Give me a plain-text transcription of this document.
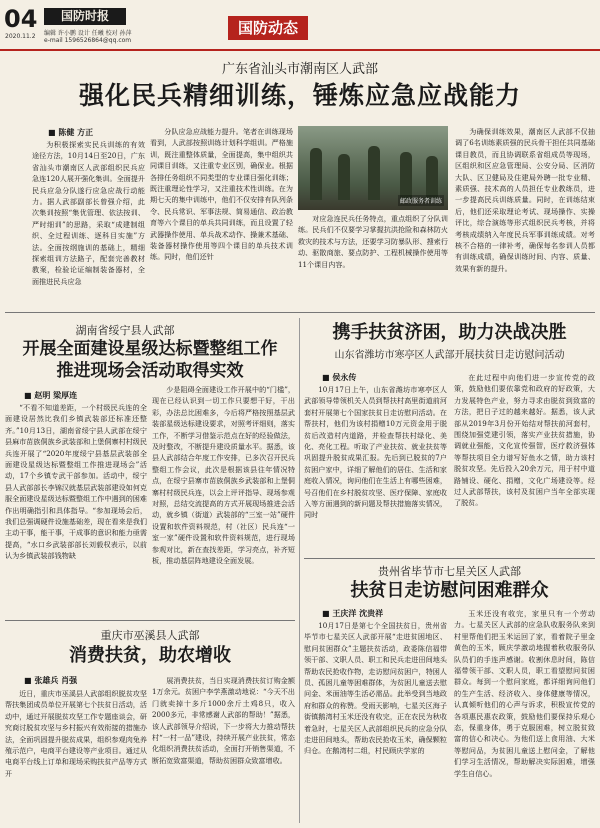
04
2020.11.2
国防时报
编辑 许小鹏 设计 任曦 校对 孙萍
e-mail 1596526864@qq.com
国防动态
广东省汕头市潮南区人武部
强化民兵精细训练，锤炼应急应战能力
■ 陈健 方正

为积极探索实民兵训练的有效途径方法，10月14日至20日，广东省汕头市潮南区人武部组织民兵应急连120人展开强化集训。全面提升民兵应急分队遂行应急应战行动能力。据人武部副部长曾强介绍，此次集训按照“集优管理、依法按训、严时细训”的思路，采取“成建制组织、全过程训练、逐科目实施”方法。全面按纲施训的基础上，精细探索组训方法路子，配套完善教材教案，检验论证编制装备器材，全面推进民兵应急

分队应急应战能力提升。笔者在训练现场看到，人武部按照训练计划科学组训。严格施训，既注重整体质量，全面提高，集中组织共同课目训练，又注重专业区别，确保业。根据各排任务组织不同类型的专业课目强化训练；既注重理论性学习，又注重技术性训练。在为期七天的集中训练中，他们不仅安排有队列条令、民兵常识、军事法规、简易通信、政治教育等六个课目的单兵共同训练，而且设置了轻武器操作使用、单兵战术动作、操兼术基础、装备器材操作使用等四个课目的单兵技术训练。同时，他们还针

邮政服务者训练

对应急连民兵任务特点，重点组织了分队训练。民兵们不仅要学习掌握抗洪抢险和森林防火救灾的技术与方法，还要学习防暴队形、搜索行动、驱散商旅、要点防护、工程机械操作使用等11个课目内容。

为确保训练效果，潮南区人武部不仅抽调了6名训练素质强的民兵骨干担任共同基础课目教员，而且协调联系省组成员等现场，区组织和区应急管理局、公安分局、区消防大队、区卫健局及住建局外聘一批专业精、素质强、技术高的人员担任专业教练员，进一步提高民兵训练质量。同时，在训练结束后，他们还采取理论考试、现场操作、实操评比，综合演练等形式组织民兵考核，并将考核成绩纳入年度民兵军事训练成绩。对考核不合格的一律补考，确保每名参训人员都有训练成绩，确保训练时间、内容、质量、效果有新的提升。

湖南省绥宁县人武部
开展全面建设星级达标暨整组工作
推进现场会活动取得实效
■ 赵明 梁厚连

“不看不知道差距，一个村级民兵连的全面建设居然比我们乡镇武装部还标准还整齐。”10月13日，湖南省绥宁县人武部在绥宁县麻市苗族侗族乡武装部和上堡侗寨村村级民兵连开展了“2020年度绥宁县基层武装部全面建设星级达标暨整组工作推进现场会”活动，17个乡镇专武干部参加。活动中，绥宁县人武部部长李锦汉就基层武装部建设如何克服全面建设星级达标暨整组工作中遇到的困难作出明确指引和具体指导。“参加现场会后，我们总强调硬件设施基础差，现在看来是我们主动干事，能干事，干成事的意识和能力亟需提高，“水口乡武装部部长刘毅权表示，以前认为乡镇武装部钱物缺

少是阻碍全面建设工作开展中的“门槛”，现在已经认识到一切工作只要想干好，干出彩，办法总比困难多，今后将严格按照基层武装部星级达标建设要求，对照考评细则，落实工作，不断学习借鉴示范点在好的经验做法，及时整改，不断提升建设质量水平。据悉，该县人武部结合年度工作安排，已多次召开民兵整组工作会议，此次是根据该县往年情况特点，在绥宁县寨市苗族侗族乡武装部和上堡侗寨村村级民兵连，以会上评评指导、现场参观对照，总结交流提高的方式开展现场推进会活动，就乡镇（街道）武装部的“三室一站”硬件设置和软件资料规范，村（社区）民兵连“一室一家”硬件设置和软件资料规范，进行现场参观对比，新在查找差距，学习亮点，补齐短板，推动基层阵地建设全面发展。

携手扶贫济困，助力决战决胜
山东省潍坊市寒亭区人武部开展扶贫日走访慰问活动
■ 侯永传

10月17日上午，山东省潍坊市寒亭区人武部领导带领机关人员到帮扶村高里街道前河套村开展第七个国家扶贫日走访慰问活动。在帮扶村，他们为该村捐赠10万元资金用于脱贫后改造村内道路，并检查帮扶村绿化、美化、亮化工程。听取了产业扶贫、就业扶贫等巩固提升脱贫成果汇报。先后到已脱贫的7户贫困户家中，详细了解他们的居住、生活和家庭收入情况，询问他们在生活上有哪些困难，号召他们在乡村脱贫攻坚、医疗保障、家庭收入等方面遇到的新问题及帮扶措施落实情况，同时

在此过程中向他们进一步宣传党的政策，鼓励他们要依靠党和政府的好政策，大力发展特色产业，努力寻求由脱贫到致富的方法，把日子过的越来越好。据悉，该人武部从2019年3月份开始结对帮扶前河套村，围绕加强党建引领，落实产业扶贫措施，协调就业强能，文化宣传强智，医疗救济强体等帮扶项目全力谱写好鱼水之情，助力该村脱贫攻坚。先后投入20余万元，用于村中道路铺设、硬化、捐赠，文化广场建设等。经过人武部帮扶，该村及贫困户当年全部实现了脱贫。

重庆市巫溪县人武部
消费扶贫，助农增收
■ 张雄兵 肖强

近日，重庆市巫溪县人武部组织脱贫攻坚帮扶集团成员单位开展第七个扶贫日活动，活动中，通过开展脱贫攻坚工作专题座谈会，研究商讨脱贫攻坚与乡村振兴有效衔接的措施办法，全面巩固提升脱贫成果，组织参观肉兔养殖示范户，电商平台建设等产业项目。通过从电商平台线上订单和现场采购扶贫产品等方式开

展消费扶贫，当日实现消费扶贫订购金额1万余元。贫困户李学燕激动地说：“今天不出门就卖掉十多斤1000余斤土鸡8只，收入2000多元，非常感谢人武部的帮助！”据悉，该人武部领导介绍说，下一步将大力推动帮扶村“一村一品”建设，持续开展产业扶贫，常态化组织消费扶贫活动，全面打开销售渠道，不断拓宽致富渠道，帮助贫困群众致富增收。

贵州省毕节市七星关区人武部
扶贫日走访慰问困难群众
■ 王庆洋 沈贵祥

10月17日是第七个全国扶贫日，贵州省毕节市七星关区人武部开展“走进贫困地区、慰问贫困群众”主题扶贫活动，政委陈信福带领干部、文职人员、职工和民兵走进田间地头帮助农民抢收作物，走访慰问贫困户，特困人员、孤困儿童等困难群体，为贫困儿童送去慰问金、米面油等生活必需品。此举受到当地政府和群众的称赞。受雨天影响，七星关区海子街镇鹅湾村玉米还没有收完，正在农民为秋收着急时，七星关区人武部组织民兵的应急分队走进田间地头，帮助农民抢收玉米，确保颗粒归仓。在鹅湾村二组，村民顾庆学家的

玉米还没有收完，家里只有一个劳动力。七星关区人武部的应急队收服务队来到村里帮他们把玉米运回了家，看着院子里金黄色的玉米，顾庆学激动地握着秋收服务队队员们的手连声感谢。收割休息时间，陈信福带领干部、文职人员，职工看望慰问贫困群众。每到一个慰问家庭，都详细询问他们的生产生活、经济收入、身体健康等情况，认真倾听他们的心声与诉求，积极宣传党的各项惠民惠农政策，鼓励他们要保持乐观心态，保重身体，勇于克服困难，树立脱贫致富的信心和决心。为他们送上食用油、大米等慰问品，为贫困儿童送上慰问金，了解他们学习生活情况，帮助解决实际困难，增强学生自信心。
